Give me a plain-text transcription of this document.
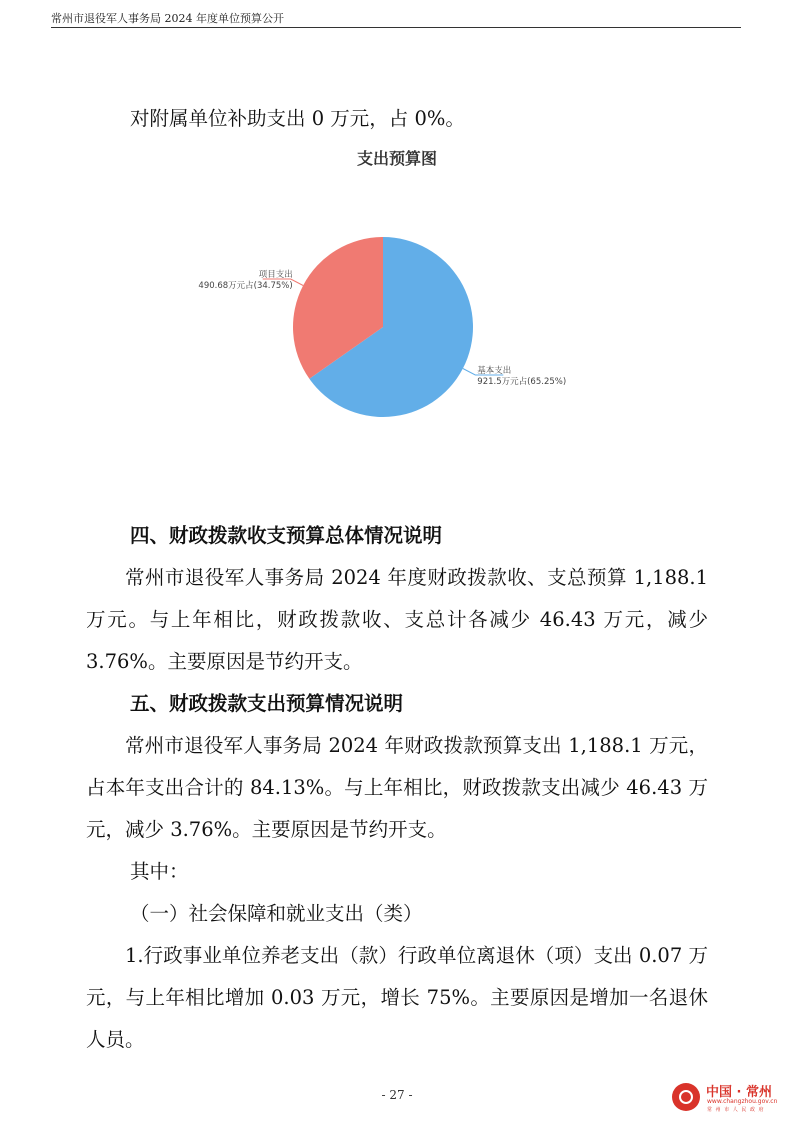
常州市退役军人事务局 2024 年度单位预算公开
对附属单位补助支出 0 万元，占 0%。
支出预算图
基本支出
921.5万元占(65.25%)
项目支出
490.68万元占(34.75%)
四、财政拨款收支预算总体情况说明
常州市退役军人事务局 2024 年度财政拨款收、支总预算 1,188.1 万元。与上年相比，财政拨款收、支总计各减少 46.43 万元，减少 3.76%。主要原因是节约开支。
五、财政拨款支出预算情况说明
常州市退役军人事务局 2024 年财政拨款预算支出 1,188.1 万元，占本年支出合计的 84.13%。与上年相比，财政拨款支出减少 46.43 万元，减少 3.76%。主要原因是节约开支。
其中：
（一）社会保障和就业支出（类）
1.行政事业单位养老支出（款）行政单位离退休（项）支出 0.07 万元，与上年相比增加 0.03 万元，增长 75%。主要原因是增加一名退休人员。
- 27 -	中国 · 常州
www.changzhou.gov.cn
常 州 市 人 民 政 府
